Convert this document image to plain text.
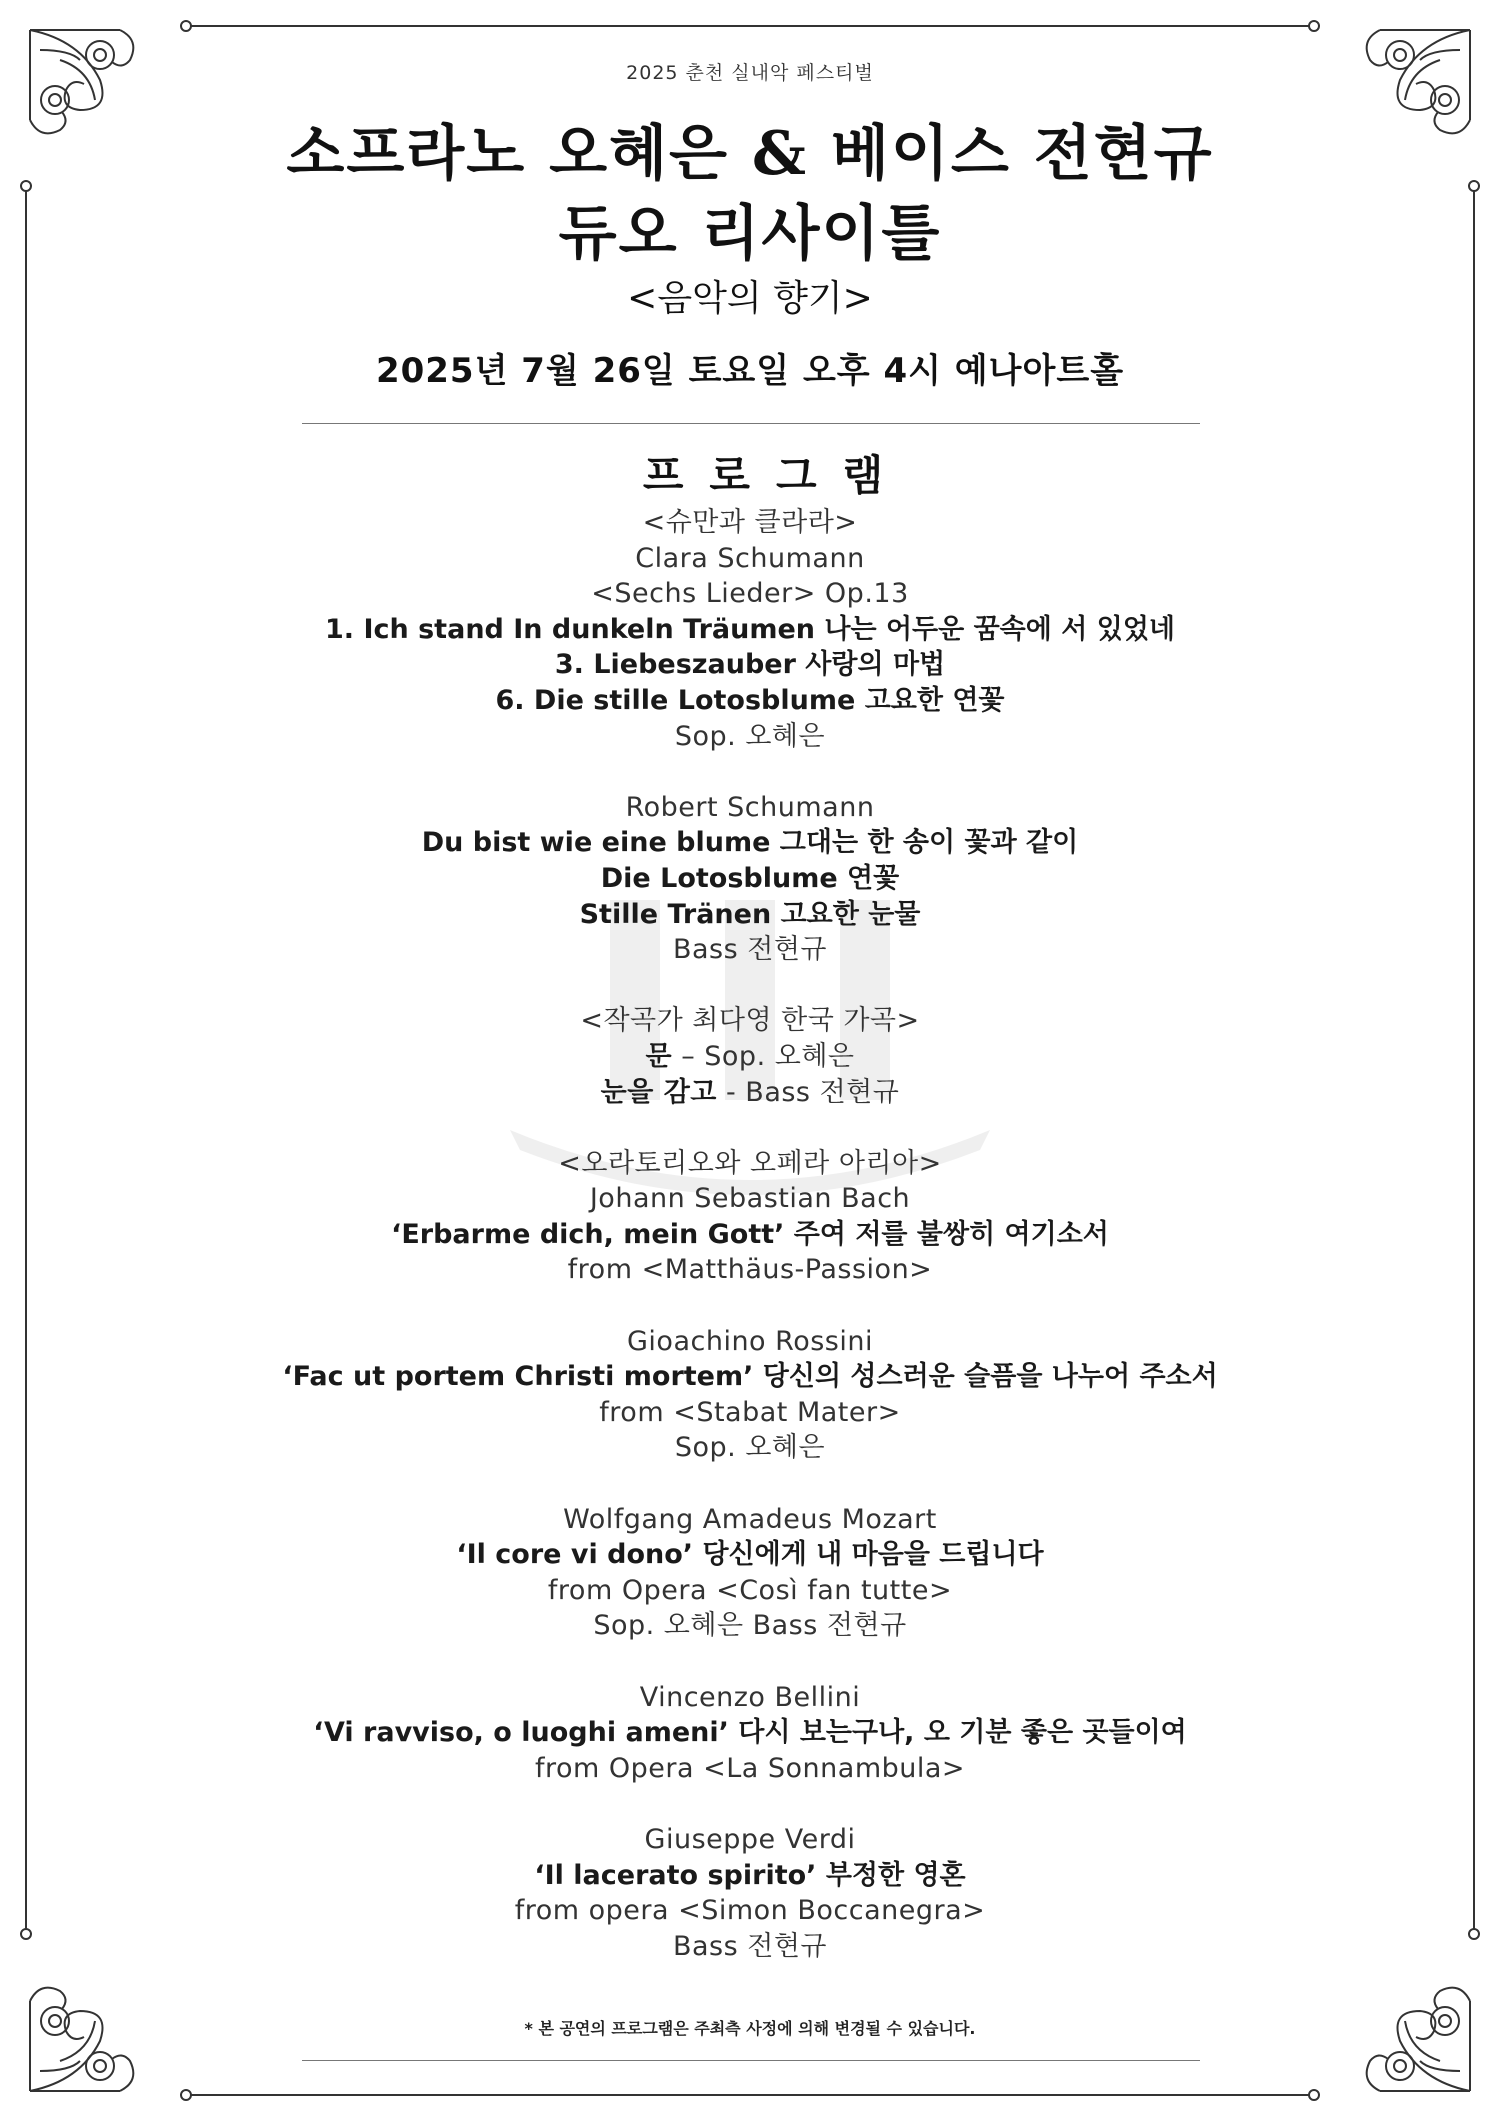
2025 춘천 실내악 페스티벌
소프라노 오혜은 & 베이스 전현규
듀오 리사이틀
<음악의 향기>
2025년 7월 26일 토요일 오후 4시 예나아트홀
프로그램
<슈만과 클라라>
Clara Schumann
<Sechs Lieder> Op.13
1. Ich stand In dunkeln Träumen 나는 어두운 꿈속에 서 있었네
3. Liebeszauber 사랑의 마법
6. Die stille Lotosblume 고요한 연꽃
Sop. 오혜은
Robert Schumann
Du bist wie eine blume 그대는 한 송이 꽃과 같이
Die Lotosblume 연꽃
Stille Tränen 고요한 눈물
Bass 전현규
<작곡가 최다영 한국 가곡>
문 – Sop. 오혜은
눈을 감고 - Bass 전현규
<오라토리오와 오페라 아리아>
Johann Sebastian Bach
‘Erbarme dich, mein Gott’ 주여 저를 불쌍히 여기소서
from <Matthäus-Passion>
Gioachino Rossini
‘Fac ut portem Christi mortem’ 당신의 성스러운 슬픔을 나누어 주소서
from <Stabat Mater>
Sop. 오혜은
Wolfgang Amadeus Mozart
‘Il core vi dono’ 당신에게 내 마음을 드립니다
from Opera <Così fan tutte>
Sop. 오혜은 Bass 전현규
Vincenzo Bellini
‘Vi ravviso, o luoghi ameni’ 다시 보는구나, 오 기분 좋은 곳들이여
from Opera <La Sonnambula>
Giuseppe Verdi
‘Il lacerato spirito’ 부정한 영혼
from opera <Simon Boccanegra>
Bass 전현규
* 본 공연의 프로그램은 주최측 사정에 의해 변경될 수 있습니다.
